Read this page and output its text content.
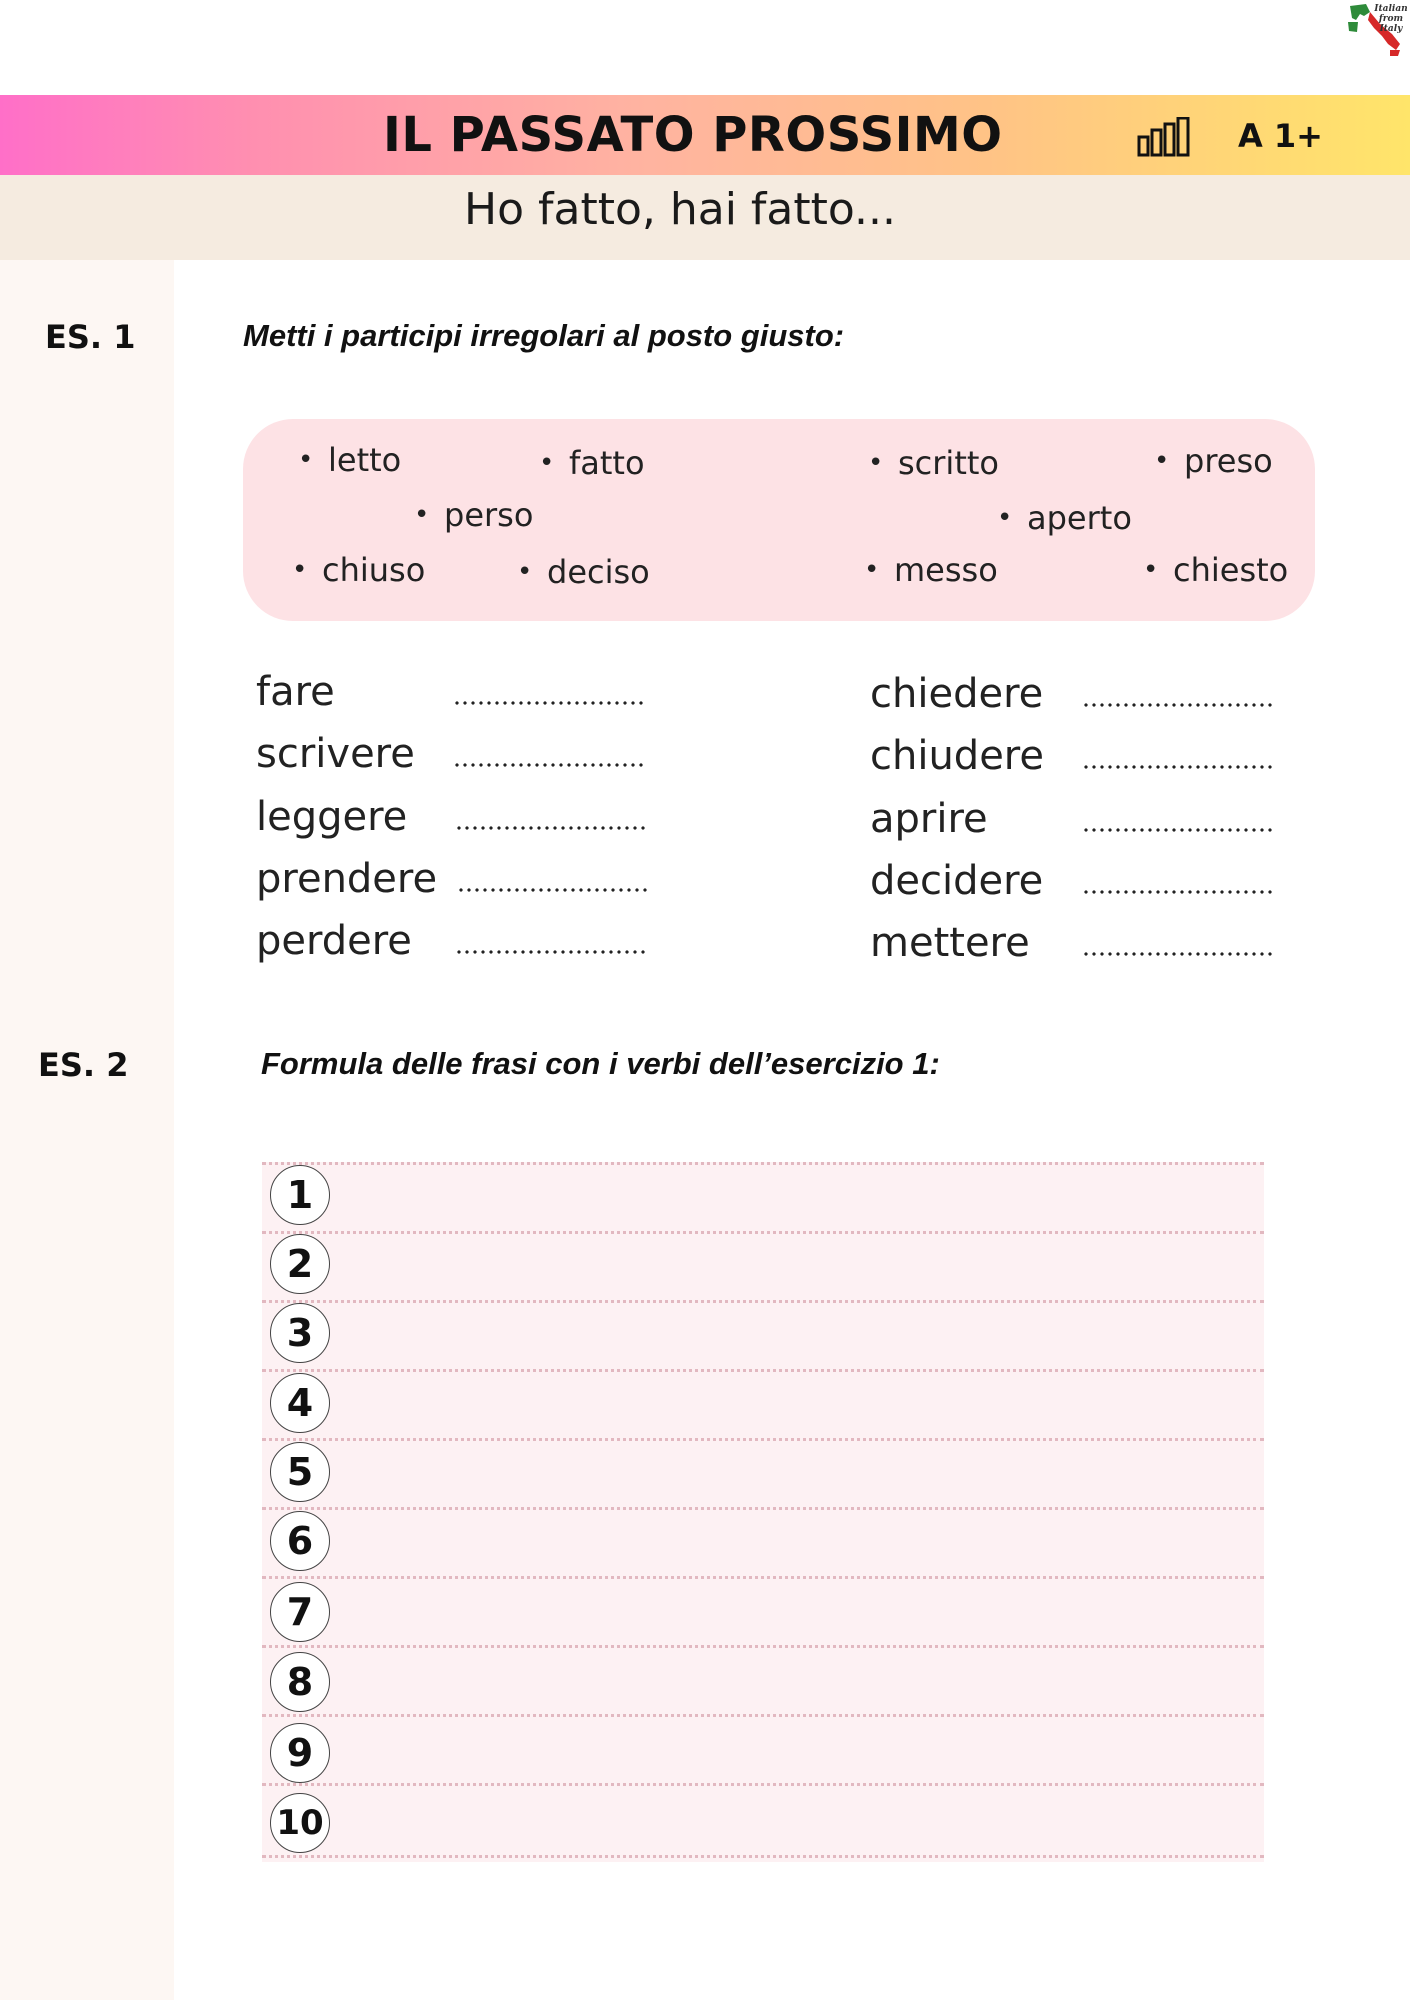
Italian from Italy
IL PASSATO PROSSIMO	A 1+
Ho fatto, hai fatto...
ES. 1	Metti i participi irregolari al posto giusto:
• letto	• fatto	• scritto	• preso
• perso	• aperto
• chiuso	• deciso	• messo	• chiesto
fare
scrivere
leggere
prendere
perdere
chiedere
chiudere
aprire
decidere
mettere
ES. 2	Formula delle frasi con i verbi dell’esercizio 1:
1
2
3
4
5
6
7
8
9
10
